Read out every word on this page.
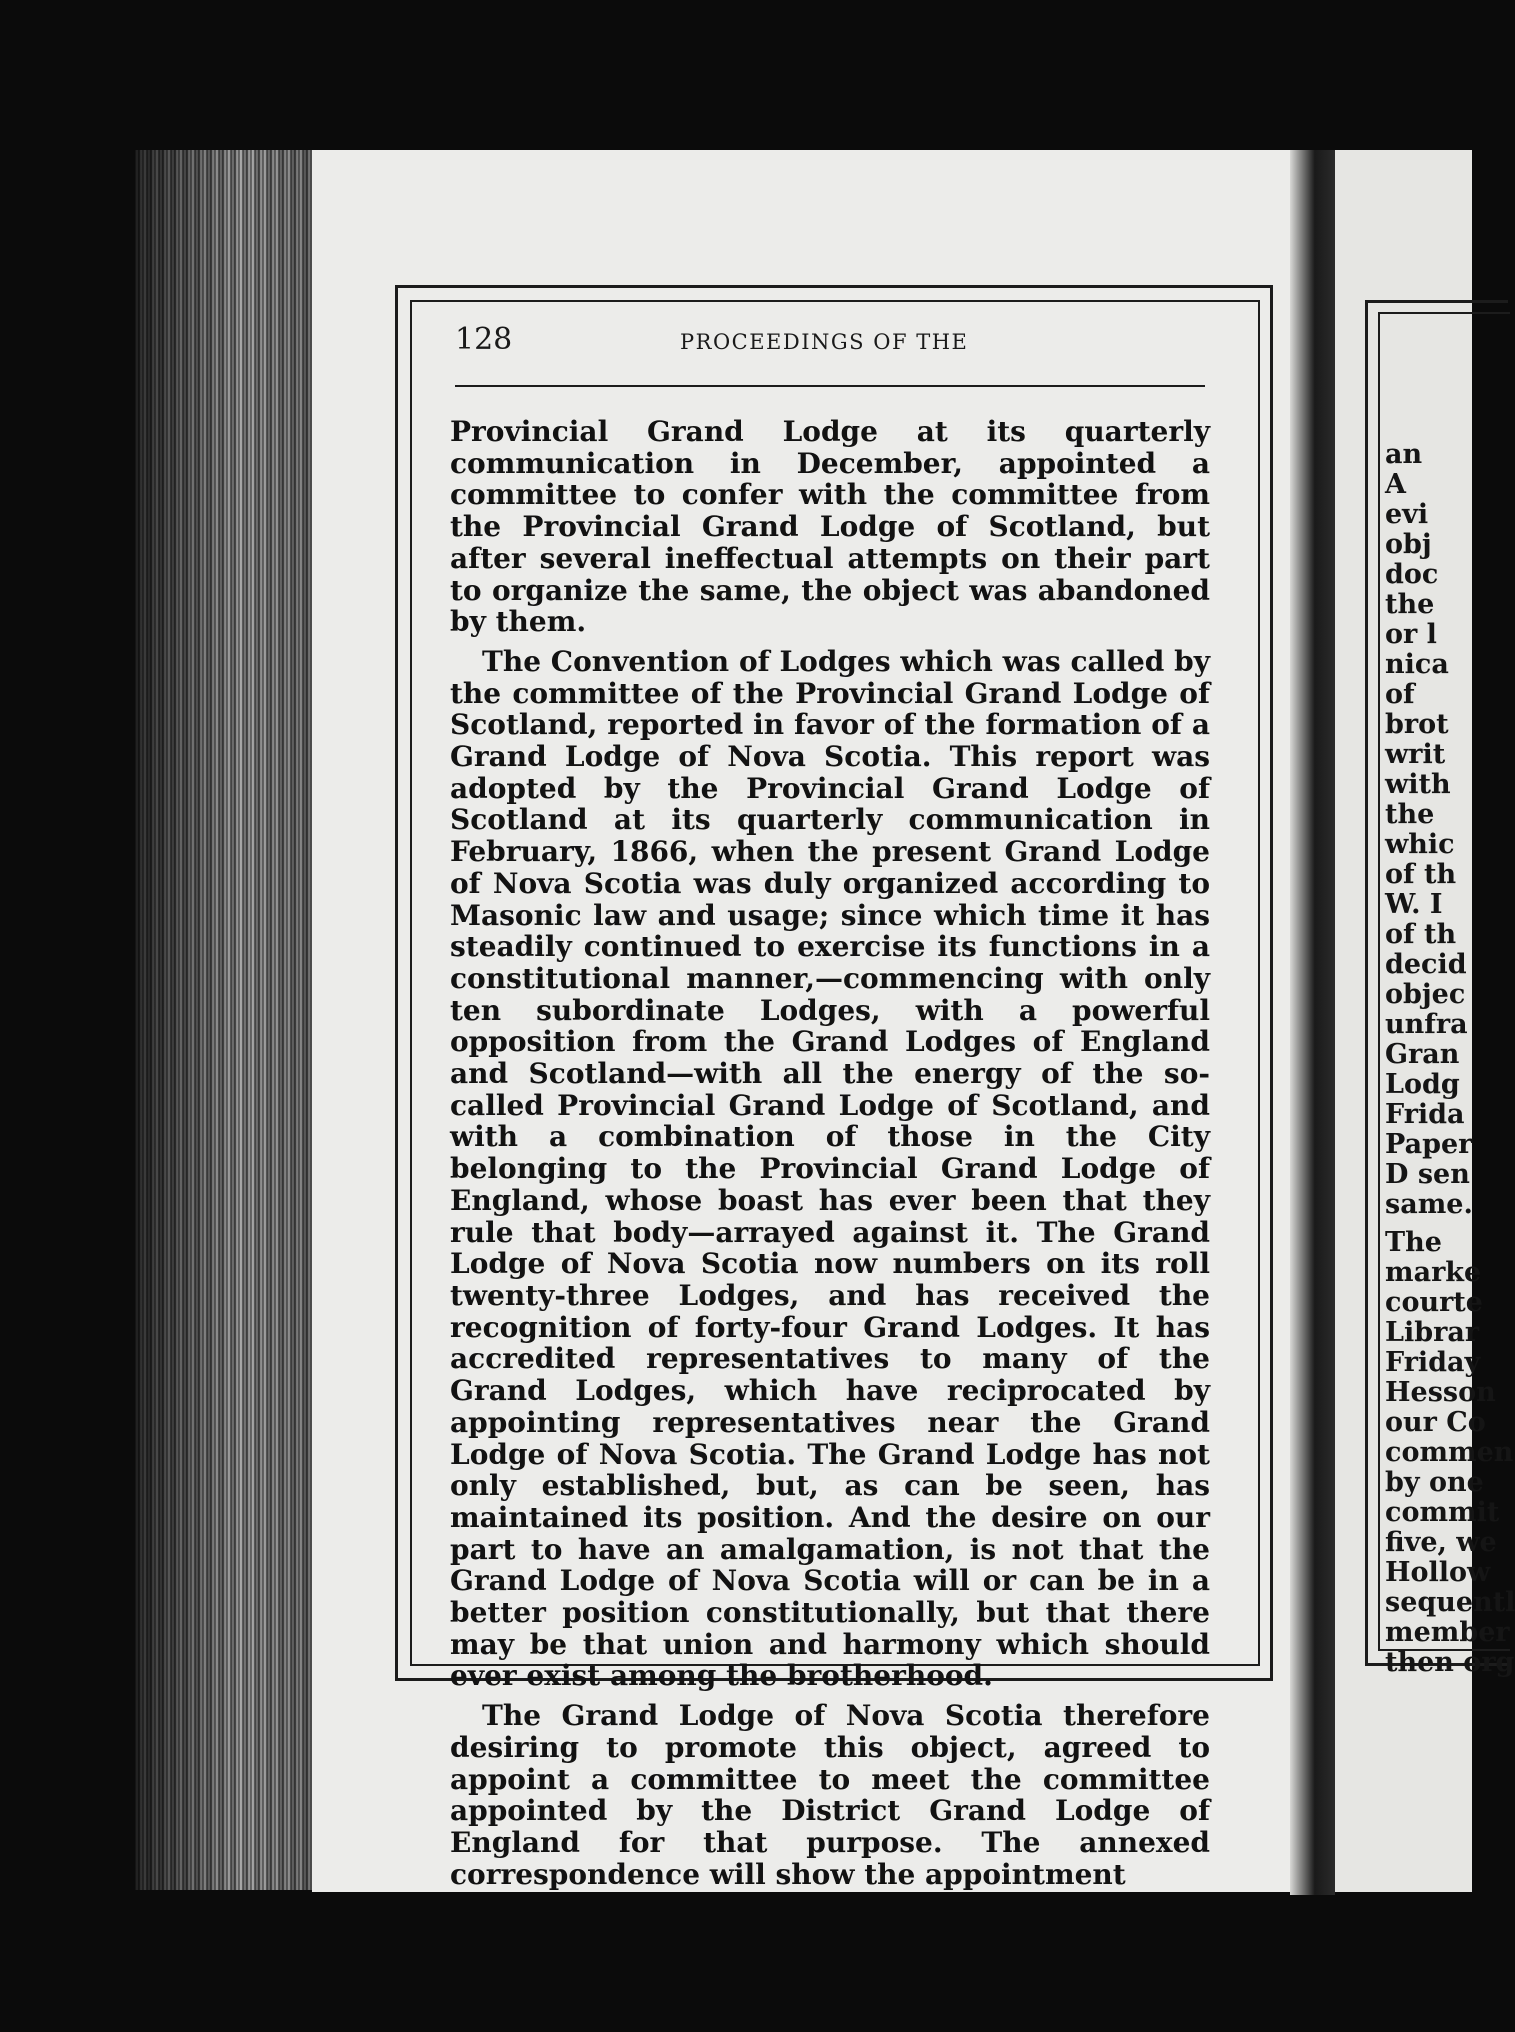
128	PROCEEDINGS OF THE

Provincial Grand Lodge at its quarterly communication in December, appointed a committee to confer with the committee from the Provincial Grand Lodge of Scotland, but after several ineffectual attempts on their part to organize the same, the object was abandoned by them.

The Convention of Lodges which was called by the committee of the Provincial Grand Lodge of Scotland, reported in favor of the formation of a Grand Lodge of Nova Scotia. This report was adopted by the Provincial Grand Lodge of Scotland at its quarterly communication in February, 1866, when the present Grand Lodge of Nova Scotia was duly organized according to Masonic law and usage; since which time it has steadily continued to exercise its functions in a constitutional manner,—commencing with only ten subordinate Lodges, with a powerful opposition from the Grand Lodges of England and Scotland—with all the energy of the so-called Provincial Grand Lodge of Scotland, and with a combination of those in the City belonging to the Provincial Grand Lodge of England, whose boast has ever been that they rule that body—arrayed against it. The Grand Lodge of Nova Scotia now numbers on its roll twenty-three Lodges, and has received the recognition of forty-four Grand Lodges. It has accredited representatives to many of the Grand Lodges, which have reciprocated by appointing representatives near the Grand Lodge of Nova Scotia. The Grand Lodge has not only established, but, as can be seen, has maintained its position. And the desire on our part to have an amalgamation, is not that the Grand Lodge of Nova Scotia will or can be in a better position constitutionally, but that there may be that union and harmony which should ever exist among the brotherhood.

The Grand Lodge of Nova Scotia therefore desiring to promote this object, agreed to appoint a committee to meet the committee appointed by the District Grand Lodge of England for that purpose. The annexed correspondence will show the appointment

an
A
evi
obj
doc
the
or l
nica
of
brot
writ
with
the
whic
of th
W. I
of th
decid
objec
unfra
Gran
Lodg
Frida
Paper
D sen
same.
The
marke
courte
Librar
Friday
Hesson
our Co
commen
by one
commit
five, we
Hollow
sequentl
member
then org
